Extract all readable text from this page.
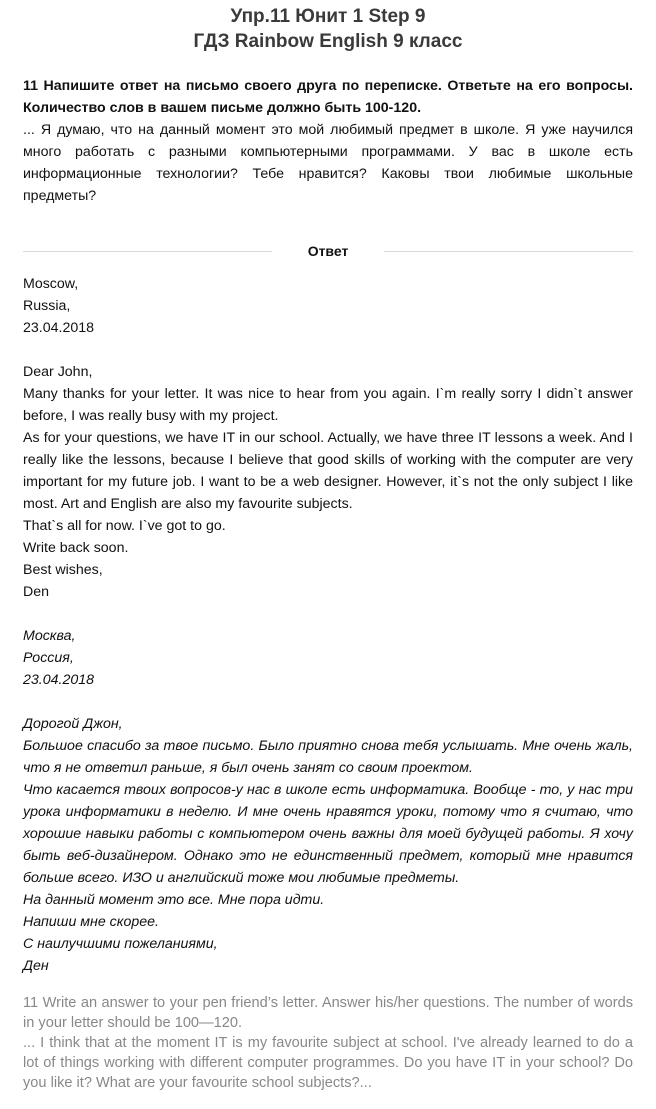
Упр.11 Юнит 1 Step 9
ГДЗ Rainbow English 9 класс
11 Напишите ответ на письмо своего друга по переписке. Ответьте на его вопросы. Количество слов в вашем письме должно быть 100-120.
... Я думаю, что на данный момент это мой любимый предмет в школе. Я уже научился много работать с разными компьютерными программами. У вас в школе есть информационные технологии? Тебе нравится? Каковы твои любимые школьные предметы?
Ответ

Moscow,

Russia,

23.04.2018

Dear John,

Many thanks for your letter. It was nice to hear from you again. I`m really sorry I didn`t answer before, I was really busy with my project.

As for your questions, we have IT in our school. Actually, we have three IT lessons a week. And I really like the lessons, because I believe that good skills of working with the computer are very important for my future job. I want to be a web designer. However, it`s not the only subject I like most. Art and English are also my favourite subjects.

That`s all for now. I`ve got to go.

Write back soon.

Best wishes,

Den

Москва,

Россия,

23.04.2018

Дорогой Джон,

Большое спасибо за твое письмо. Было приятно снова тебя услышать. Мне очень жаль, что я не ответил раньше, я был очень занят со своим проектом.

Что касается твоих вопросов-у нас в школе есть информатика. Вообще - то, у нас три урока информатики в неделю. И мне очень нравятся уроки, потому что я считаю, что хорошие навыки работы с компьютером очень важны для моей будущей работы. Я хочу быть веб-дизайнером. Однако это не единственный предмет, который мне нравится больше всего. ИЗО и английский тоже мои любимые предметы.

На данный момент это все. Мне пора идти.

Напиши мне скорее.

С наилучшими пожеланиями,

Ден

11 Write an answer to your pen friend’s letter. Answer his/her questions. The number of words in your letter should be 100—120.

... I think that at the moment IT is my favourite subject at school. I've already learned to do a lot of things working with different computer programmes. Do you have IT in your school? Do you like it? What are your favourite school subjects?...
